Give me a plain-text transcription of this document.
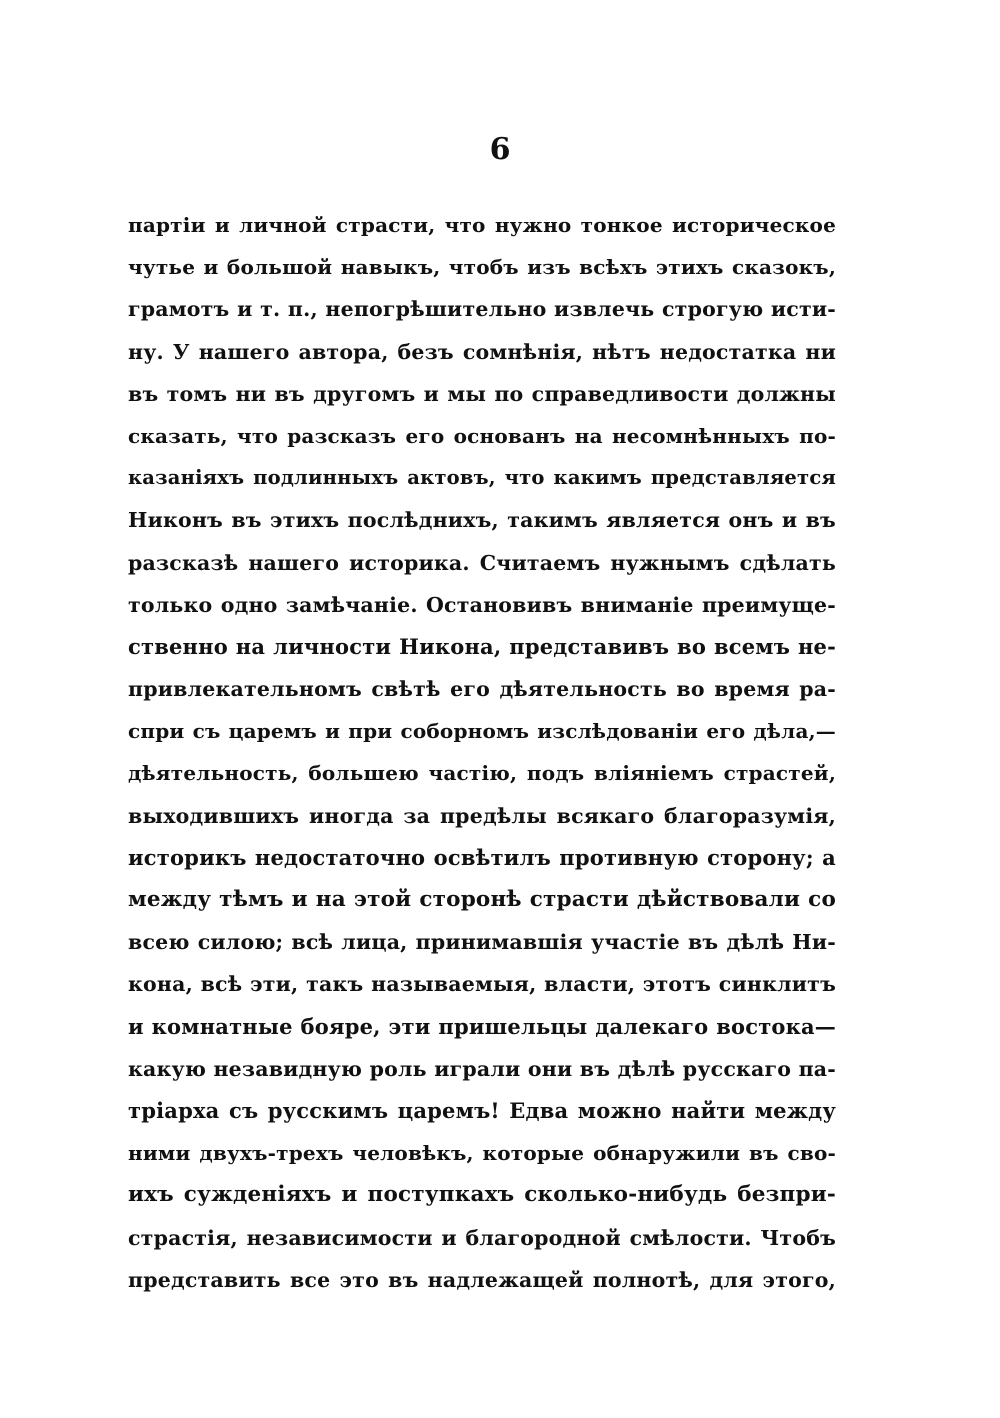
6
партiи и личной страсти, что нужно тонкое историческое
чутье и большой навыкъ, чтобъ изъ всѣхъ этихъ сказокъ,
грамотъ и т. п., непогрѣшительно извлечь строгую исти-
ну. У нашего автора, безъ сомнѣнiя, нѣтъ недостатка ни
въ томъ ни въ другомъ и мы по справедливости должны
сказать, что разсказъ его основанъ на несомнѣнныхъ по-
казанiяхъ подлинныхъ актовъ, что какимъ представляется
Никонъ въ этихъ послѣднихъ, такимъ является онъ и въ
разсказѣ нашего историка. Считаемъ нужнымъ сдѣлать
только одно замѣчанiе. Остановивъ вниманiе преимуще-
ственно на личности Никона, представивъ во всемъ не-
привлекательномъ свѣтѣ его дѣятельность во время ра-
спри съ царемъ и при соборномъ изслѣдованiи его дѣла,—
дѣятельность, большею частiю, подъ влiянiемъ страстей,
выходившихъ иногда за предѣлы всякаго благоразумiя,
историкъ недостаточно освѣтилъ противную сторону; а
между тѣмъ и на этой сторонѣ страсти дѣйствовали со
всею силою; всѣ лица, принимавшiя участiе въ дѣлѣ Ни-
кона, всѣ эти, такъ называемыя, власти, этотъ синклитъ
и комнатные бояре, эти пришельцы далекаго востока—
какую незавидную роль играли они въ дѣлѣ русскаго па-
трiарха съ русскимъ царемъ! Едва можно найти между
ними двухъ-трехъ человѣкъ, которые обнаружили въ сво-
ихъ сужденiяхъ и поступкахъ сколько-нибудь безпри-
страстiя, независимости и благородной смѣлости. Чтобъ
представить все это въ надлежащей полнотѣ, для этого,
